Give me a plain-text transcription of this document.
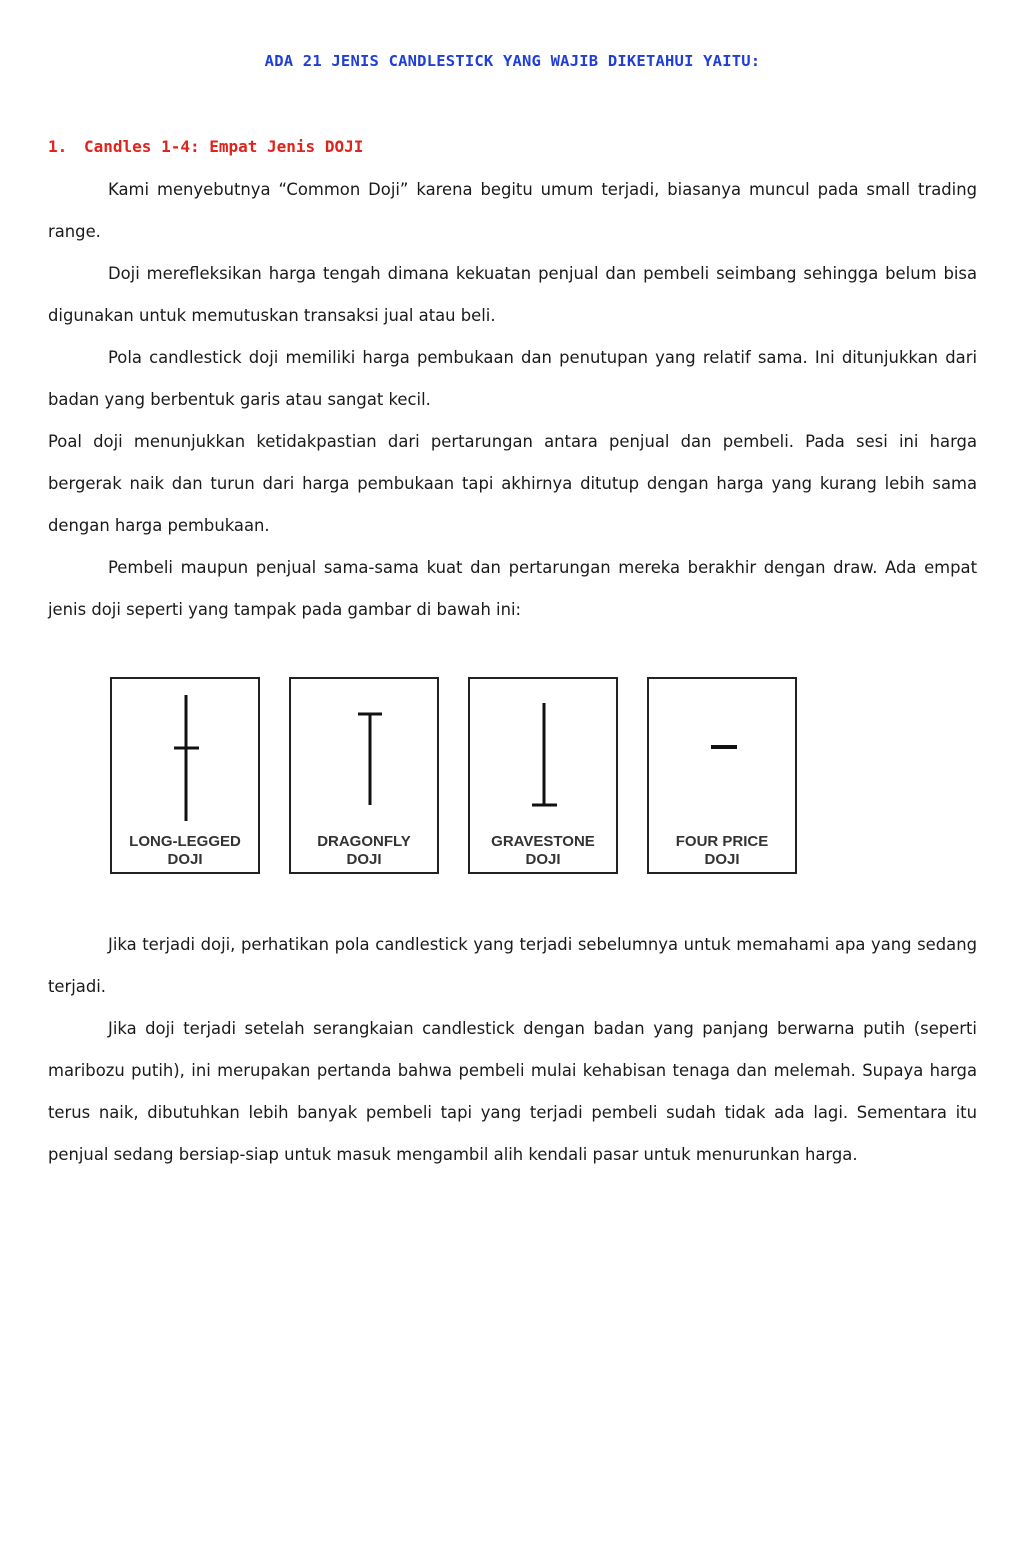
ADA 21 JENIS CANDLESTICK YANG WAJIB DIKETAHUI YAITU:
1. Candles 1-4: Empat Jenis DOJI
Kami menyebutnya “Common Doji” karena begitu umum terjadi, biasanya muncul pada small trading range.
Doji merefleksikan harga tengah dimana kekuatan penjual dan pembeli seimbang sehingga belum bisa digunakan untuk memutuskan transaksi jual atau beli.
Pola candlestick doji memiliki harga pembukaan dan penutupan yang relatif sama. Ini ditunjukkan dari badan yang berbentuk garis atau sangat kecil.
Poal doji menunjukkan ketidakpastian dari pertarungan antara penjual dan pembeli. Pada sesi ini harga bergerak naik dan turun dari harga pembukaan tapi akhirnya ditutup dengan harga yang kurang lebih sama dengan harga pembukaan.
Pembeli maupun penjual sama-sama kuat dan pertarungan mereka berakhir dengan draw. Ada empat jenis doji seperti yang tampak pada gambar di bawah ini:
LONG-LEGGED
DOJI
DRAGONFLY
DOJI
GRAVESTONE
DOJI
FOUR PRICE
DOJI
Jika terjadi doji, perhatikan pola candlestick yang terjadi sebelumnya untuk memahami apa yang sedang terjadi.
Jika doji terjadi setelah serangkaian candlestick dengan badan yang panjang berwarna putih (seperti maribozu putih), ini merupakan pertanda bahwa pembeli mulai kehabisan tenaga dan melemah. Supaya harga terus naik, dibutuhkan lebih banyak pembeli tapi yang terjadi pembeli sudah tidak ada lagi. Sementara itu penjual sedang bersiap-siap untuk masuk mengambil alih kendali pasar untuk menurunkan harga.
